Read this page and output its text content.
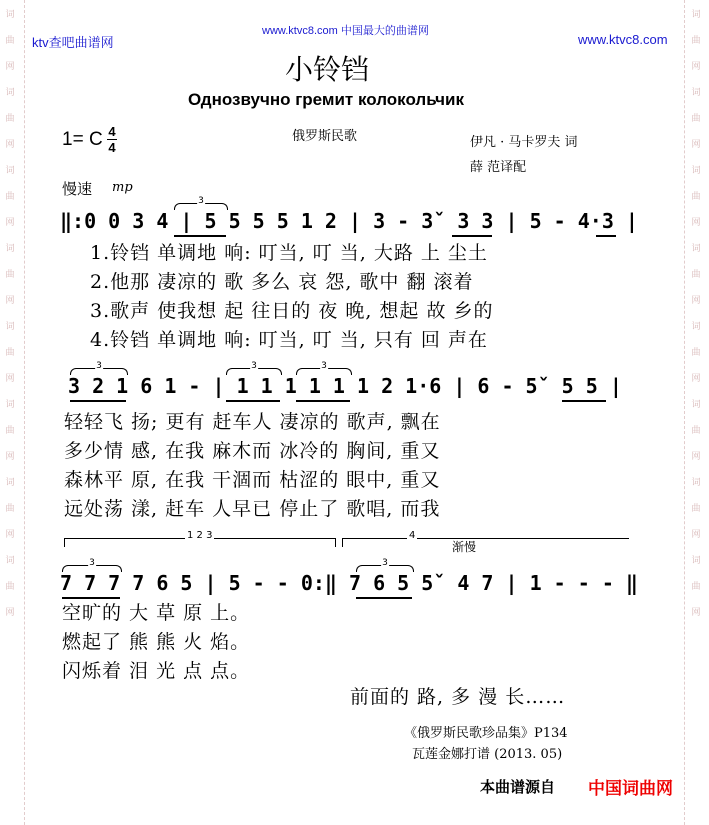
词
曲
网
词
曲
网
词
曲
网
词
曲
网
词
曲
网
词
曲
网
词
曲
网
词
曲
网
词
曲
网
词
曲
网
词
曲
网
词
曲
网
词
曲
网
词
曲
网
词
曲
网
词
曲
网
ktv查吧曲谱网
www.ktvc8.com 中国最大的曲谱网
www.ktvc8.com
小铃铛
Однозвучно гремит колокольчик
1= C 4
4
俄罗斯民歌	伊凡 · 马卡罗夫 词
薛 范译配
慢速 mp
3
‖:0 0 3 4 | 5 5 5 5 1 2 | 3 - 3ˇ 3 3 | 5 - 4·3 |
1.铃铛 单调地 响: 叮当, 叮 当, 大路 上 尘土
2.他那 凄凉的 歌 多么 哀 怨, 歌中 翻 滚着
3.歌声 使我想 起 往日的 夜 晚, 想起 故 乡的
4.铃铛 单调地 响: 叮当, 叮 当, 只有 回 声在
3	3	3
3 2 1 6 1 - | 1 1 1 1 1 1 2 1·6 | 6 - 5ˇ 5 5 |
轻轻飞 扬; 更有 赶车人 凄凉的 歌声, 飘在
多少情 感, 在我 麻木而 冰冷的 胸间, 重又
森林平 原, 在我 干涸而 枯涩的 眼中, 重又
远处荡 漾, 赶车 人早已 停止了 歌唱, 而我
1 2 3	4
渐慢
3	3
7 7 7 7 6 5 | 5 - - 0:‖ 7 6 5 5ˇ 4 7 | 1 - - - ‖
空旷的 大 草 原 上。
燃起了 熊 熊 火 焰。
闪烁着 泪 光 点 点。
前面的 路, 多 漫 长……
《俄罗斯民歌珍品集》P134
瓦莲金娜打谱 (2013. 05)
本曲谱源自 中国词曲网
